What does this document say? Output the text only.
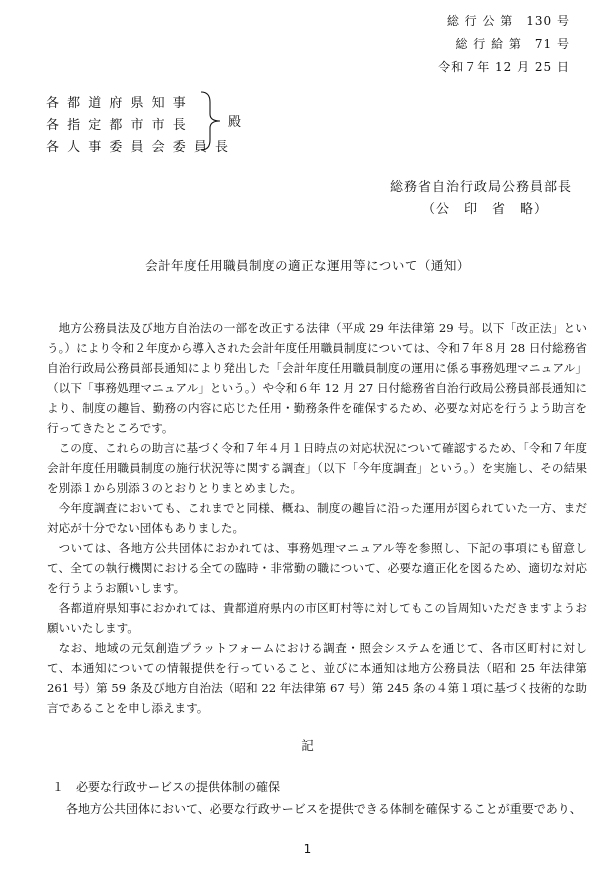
総 行 公 第　130 号
総 行 給 第　71 号
令和７年 12 月 25 日
各 都 道 府 県 知 事
各 指 定 都 市 市 長
各 人 事 委 員 会 委 員 長
殿
総務省自治行政局公務員部長
（公　印　省　略）
会計年度任用職員制度の適正な運用等について（通知）

地方公務員法及び地方自治法の一部を改正する法律（平成 29 年法律第 29 号。以下「改正法」という。）により令和２年度から導入された会計年度任用職員制度については、令和７年８月 28 日付総務省自治行政局公務員部長通知により発出した「会計年度任用職員制度の運用に係る事務処理マニュアル」（以下「事務処理マニュアル」という。）や令和６年 12 月 27 日付総務省自治行政局公務員部長通知により、制度の趣旨、勤務の内容に応じた任用・勤務条件を確保するため、必要な対応を行うよう助言を行ってきたところです。

この度、これらの助言に基づく令和７年４月１日時点の対応状況について確認するため、「令和７年度会計年度任用職員制度の施行状況等に関する調査」（以下「今年度調査」という。）を実施し、その結果を別添１から別添３のとおりとりまとめました。

今年度調査においても、これまでと同様、概ね、制度の趣旨に沿った運用が図られていた一方、まだ対応が十分でない団体もありました。

ついては、各地方公共団体におかれては、事務処理マニュアル等を参照し、下記の事項にも留意して、全ての執行機関における全ての臨時・非常勤の職について、必要な適正化を図るため、適切な対応を行うようお願いします。

各都道府県知事におかれては、貴都道府県内の市区町村等に対してもこの旨周知いただきますようお願いいたします。

なお、地域の元気創造プラットフォームにおける調査・照会システムを通じて、各市区町村に対して、本通知についての情報提供を行っていること、並びに本通知は地方公務員法（昭和 25 年法律第 261 号）第 59 条及び地方自治法（昭和 22 年法律第 67 号）第 245 条の４第１項に基づく技術的な助言であることを申し添えます。

記
１　必要な行政サービスの提供体制の確保
各地方公共団体において、必要な行政サービスを提供できる体制を確保することが重要であり、
1
